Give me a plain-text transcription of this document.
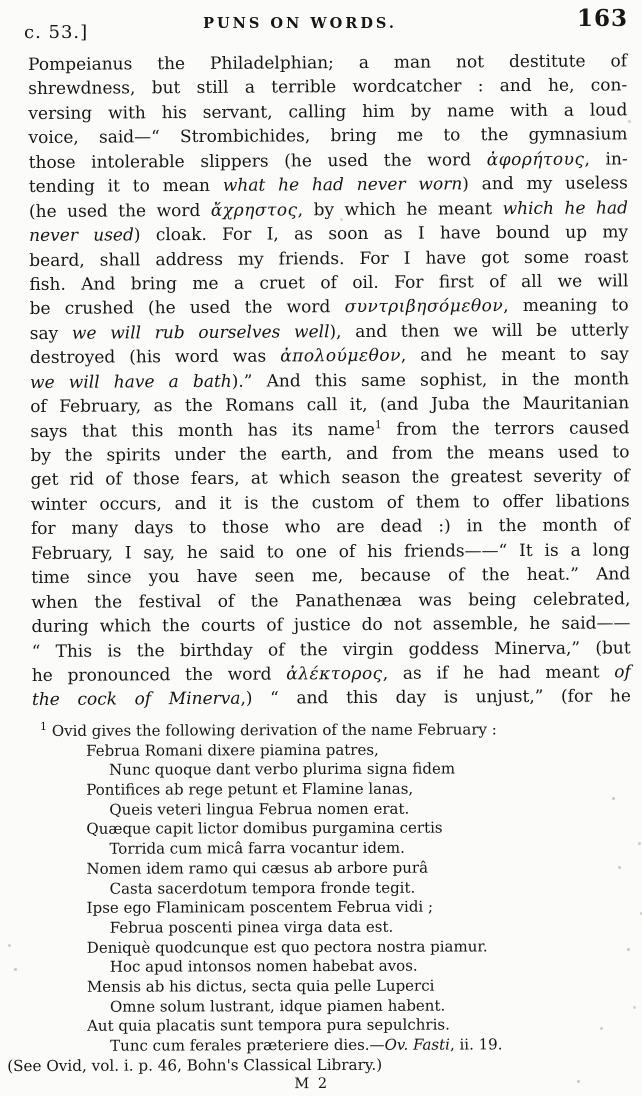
c. 53.]	PUNS ON WORDS.	163
Pompeianus the Philadelphian; a man not destitute of
shrewdness, but still a terrible wordcatcher : and he, con-
versing with his servant, calling him by name with a loud
voice, said—“ Strombichides, bring me to the gymnasium
those intolerable slippers (he used the word ἀφορήτους, in-
tending it to mean what he had never worn) and my useless
(he used the word ἄχρηστος, by which he meant which he had
never used) cloak. For I, as soon as I have bound up my
beard, shall address my friends. For I have got some roast
fish. And bring me a cruet of oil. For first of all we will
be crushed (he used the word συντριβησόμεθον, meaning to
say we will rub ourselves well), and then we will be utterly
destroyed (his word was ἀπολούμεθον, and he meant to say
we will have a bath).” And this same sophist, in the month
of February, as the Romans call it, (and Juba the Mauritanian
says that this month has its name$^1$ from the terrors caused
by the spirits under the earth, and from the means used to
get rid of those fears, at which season the greatest severity of
winter occurs, and it is the custom of them to offer libations
for many days to those who are dead :) in the month of
February, I say, he said to one of his friends——“ It is a long
time since you have seen me, because of the heat.” And
when the festival of the Panathenæa was being celebrated,
during which the courts of justice do not assemble, he said——
“ This is the birthday of the virgin goddess Minerva,” (but
he pronounced the word ἀλέκτορος, as if he had meant of
the cock of Minerva,) “ and this day is unjust,” (for he
$^1$ Ovid gives the following derivation of the name February :
Februa Romani dixere piamina patres,
Nunc quoque dant verbo plurima signa fidem
Pontifices ab rege petunt et Flamine lanas,
Queis veteri lingua Februa nomen erat.
Quæque capit lictor domibus purgamina certis
Torrida cum micâ farra vocantur idem.
Nomen idem ramo qui cæsus ab arbore purâ
Casta sacerdotum tempora fronde tegit.
Ipse ego Flaminicam poscentem Februa vidi ;
Februa poscenti pinea virga data est.
Deniquè quodcunque est quo pectora nostra piamur.
Hoc apud intonsos nomen habebat avos.
Mensis ab his dictus, secta quia pelle Luperci
Omne solum lustrant, idque piamen habent.
Aut quia placatis sunt tempora pura sepulchris.
Tunc cum ferales præteriere dies.—Ov. Fasti, ii. 19.
(See Ovid, vol. i. p. 46, Bohn's Classical Library.)
M 2
